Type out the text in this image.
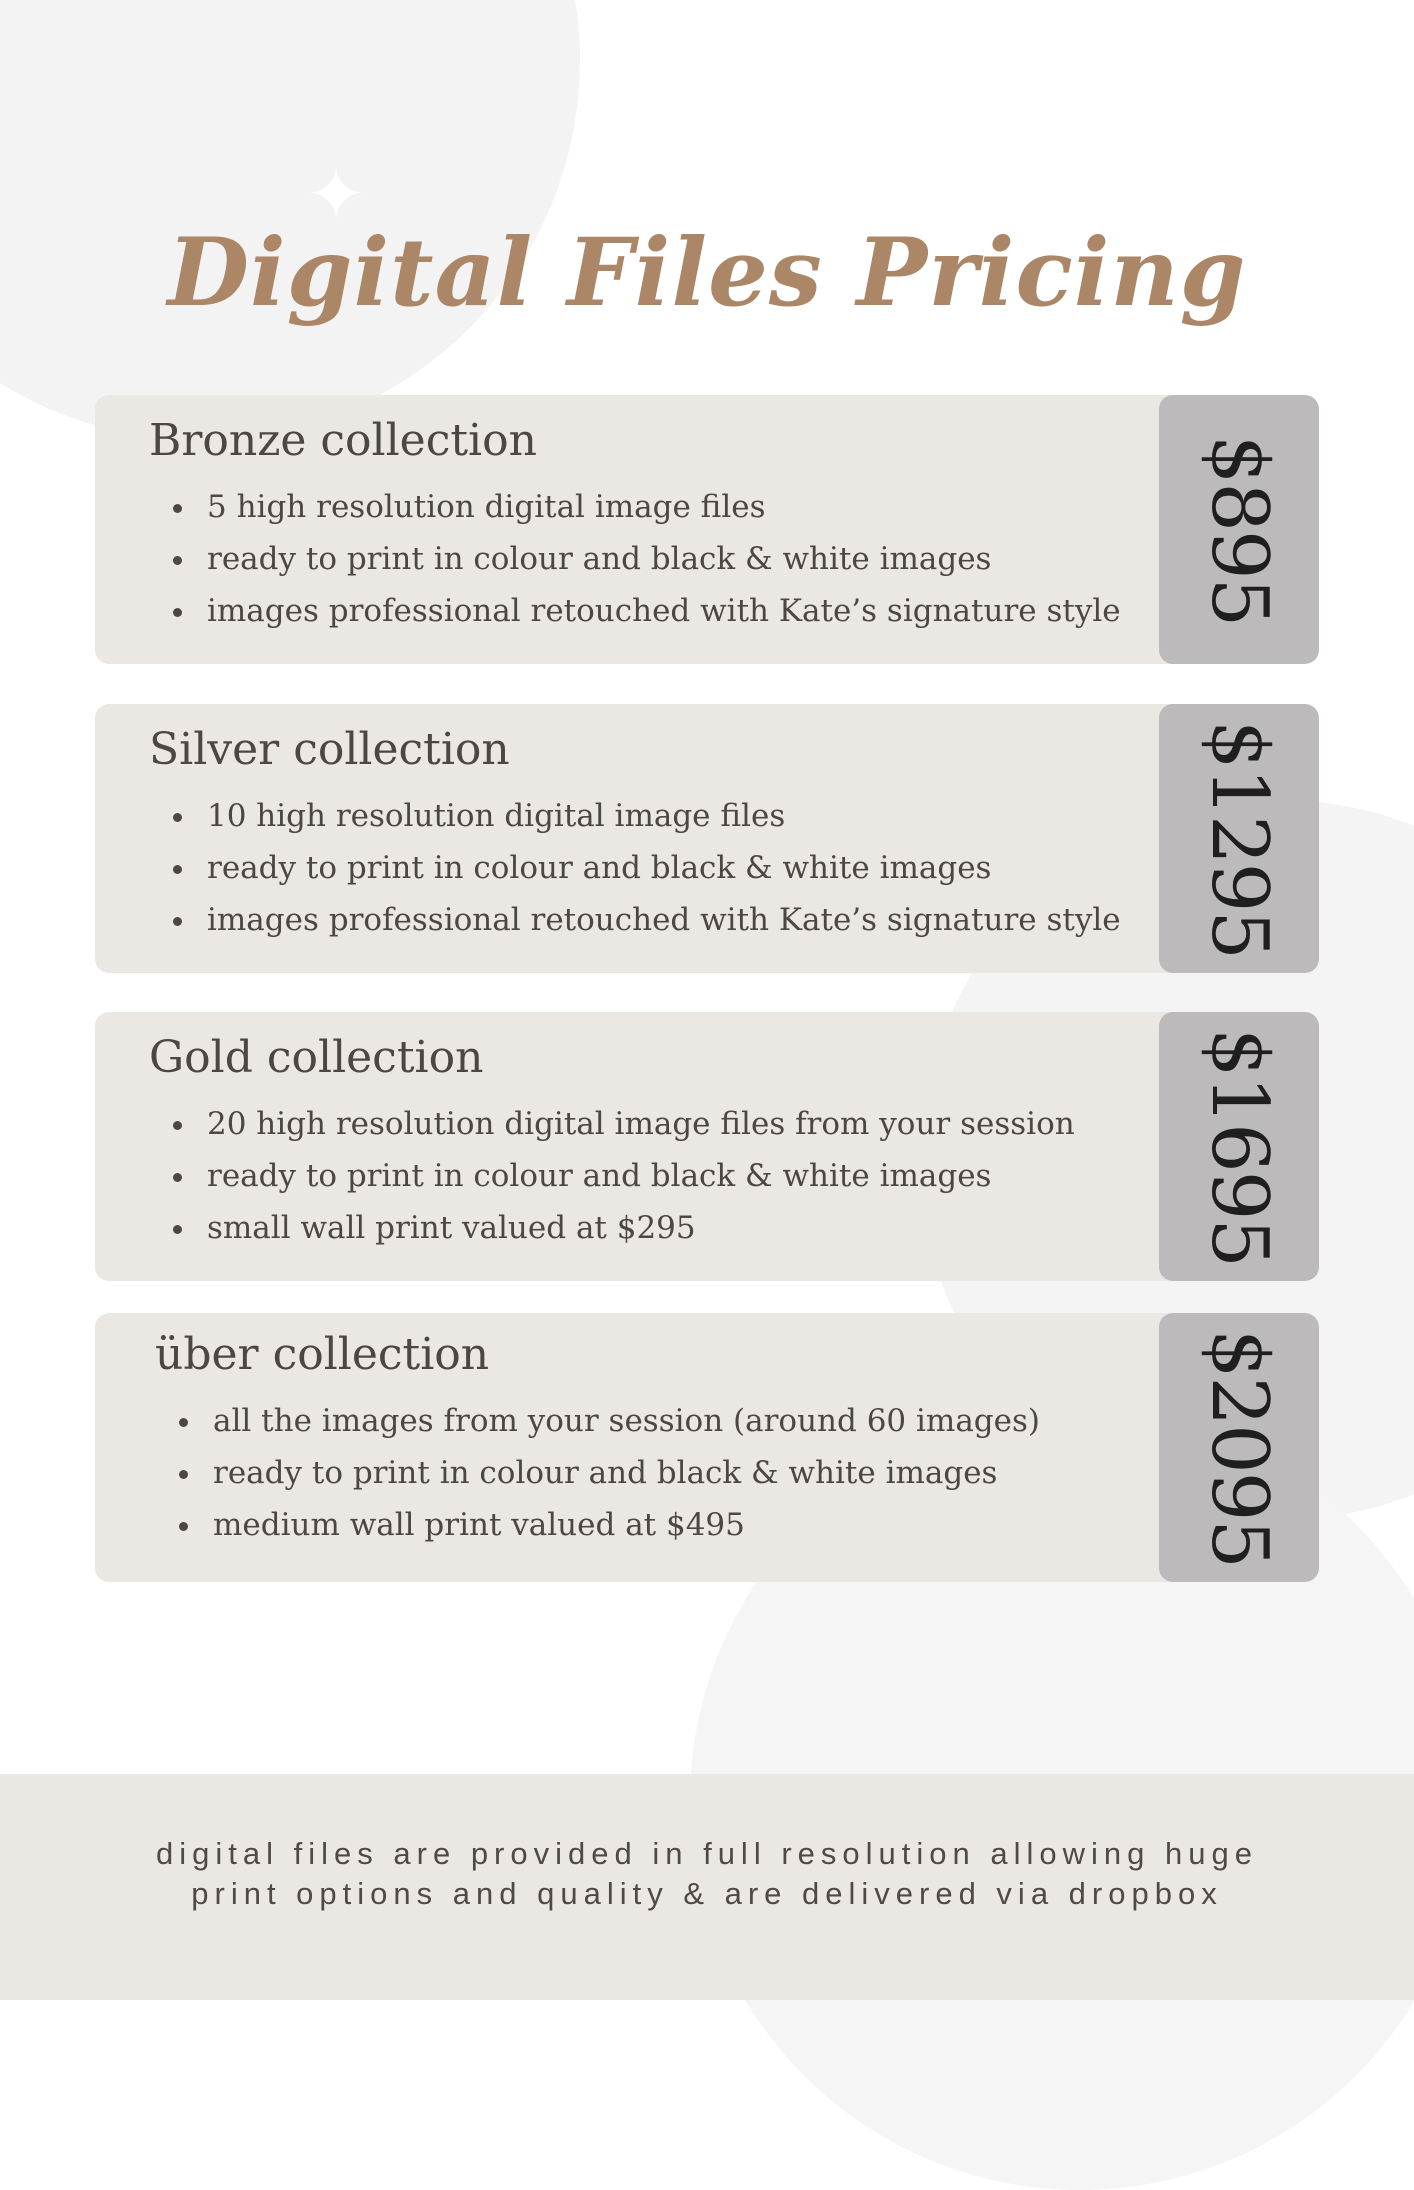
✦
Digital Files Pricing
Bronze collection
5 high resolution digital image files
ready to print in colour and black & white images
images professional retouched with Kate’s signature style $895
Silver collection
10 high resolution digital image files
ready to print in colour and black & white images
images professional retouched with Kate’s signature style $1295
Gold collection
20 high resolution digital image files from your session
ready to print in colour and black & white images
small wall print valued at $295	$1695
über collection
all the images from your session (around 60 images)
ready to print in colour and black & white images
medium wall print valued at $495	$2095
digital files are provided in full resolution allowing huge
print options and quality & are delivered via dropbox
